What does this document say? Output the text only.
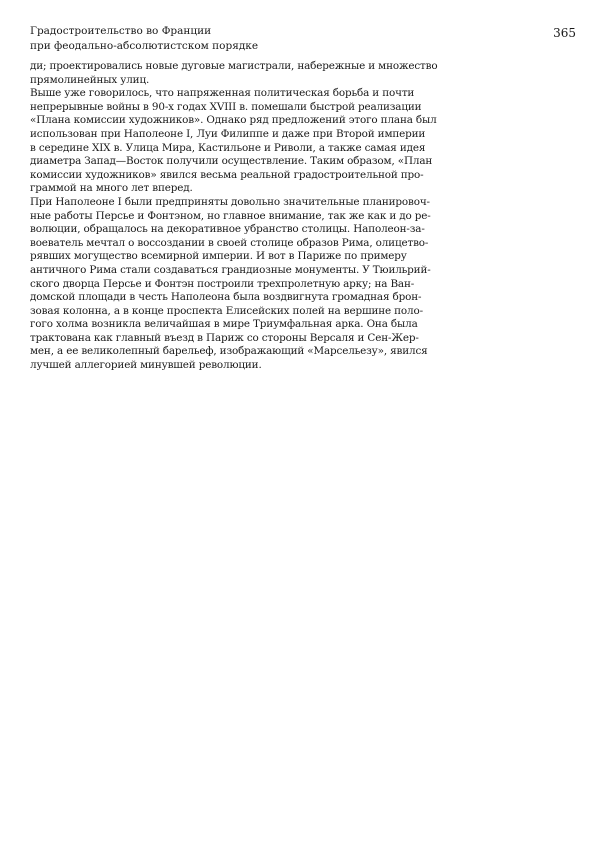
Градостроительство во Франции
при феодально-абсолютистском порядке
365

ди; проектировались новые дуговые магистрали, набережные и множество
прямолинейных улиц.

Выше уже говорилось, что напряженная политическая борьба и почти
непрерывные войны в 90-х годах XVIII в. помешали быстрой реализации
«Плана комиссии художников». Однако ряд предложений этого плана был
использован при Наполеоне I, Луи Филиппе и даже при Второй империи
в середине XIX в. Улица Мира, Кастильоне и Риволи, а также самая идея
диаметра Запад—Восток получили осуществление. Таким образом, «План
комиссии художников» явился весьма реальной градостроительной про-
граммой на много лет вперед.

При Наполеоне I были предприняты довольно значительные планировоч-
ные работы Персье и Фонтэном, но главное внимание, так же как и до ре-
волюции, обращалось на декоративное убранство столицы. Наполеон-за-
воеватель мечтал о воссоздании в своей столице образов Рима, олицетво-
рявших могущество всемирной империи. И вот в Париже по примеру
античного Рима стали создаваться грандиозные монументы. У Тюильрий-
ского дворца Персье и Фонтэн построили трехпролетную арку; на Ван-
домской площади в честь Наполеона была воздвигнута громадная брон-
зовая колонна, а в конце проспекта Елисейских полей на вершине поло-
гого холма возникла величайшая в мире Триумфальная арка. Она была
трактована как главный въезд в Париж со стороны Версаля и Сен-Жер-
мен, а ее великолепный барельеф, изображающий «Марсельезу», явился
лучшей аллегорией минувшей революции.
